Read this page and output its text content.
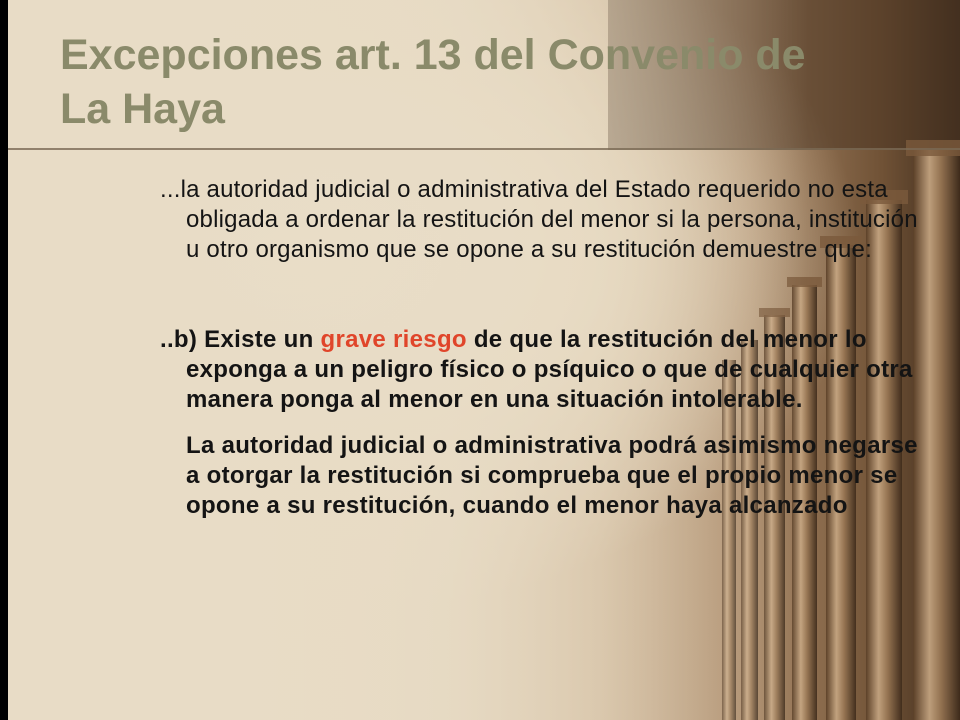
Excepciones art. 13 del Convenio de La Haya

...la autoridad judicial o administrativa del Estado requerido no esta obligada a ordenar la restitución del menor si la persona, institución u otro organismo que se opone a su restitución demuestre que:

..b) Existe un grave riesgo de que la restitución del menor lo exponga a un peligro físico o psíquico o que de cualquier otra manera ponga al menor en una situación intolerable.

La autoridad judicial o administrativa podrá asimismo negarse a otorgar la restitución si comprueba que el propio menor se opone a su restitución, cuando el menor haya alcanzado
